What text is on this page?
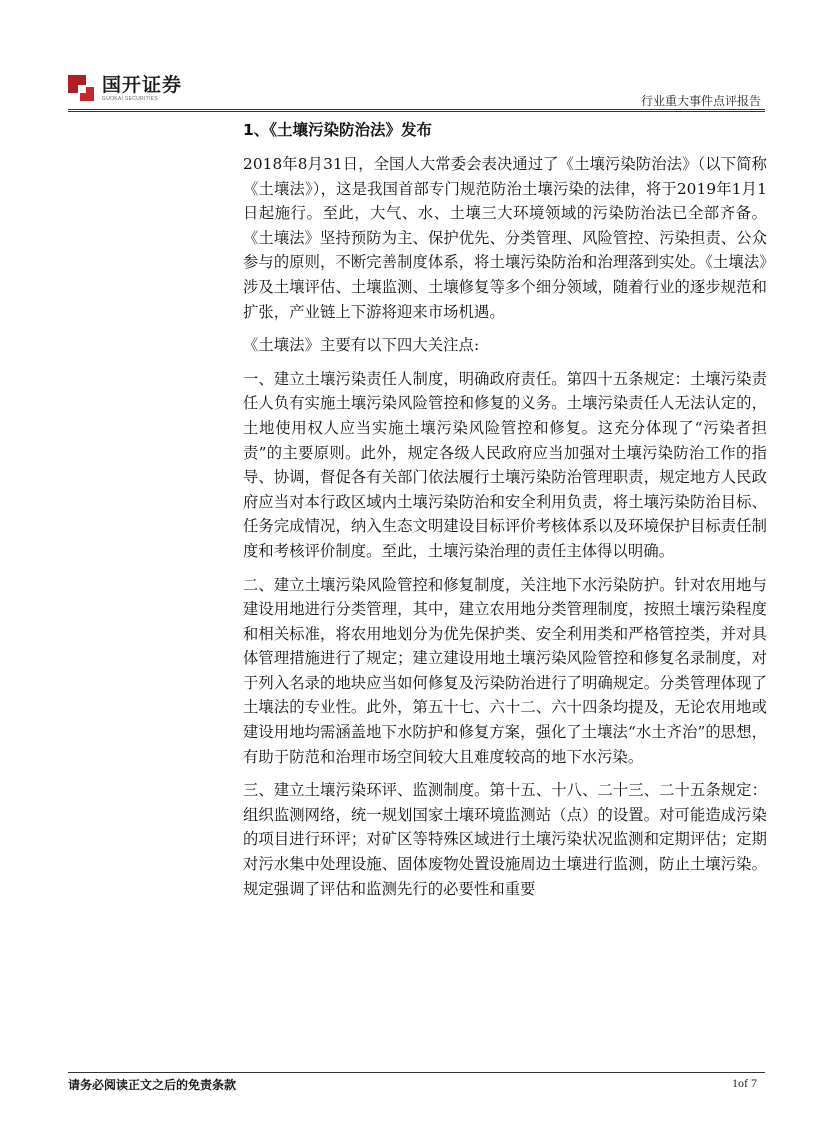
国开证券
GUOKAI SECURITIES	行业重大事件点评报告
1、《土壤污染防治法》发布

2018年8月31日，全国人大常委会表决通过了《土壤污染防治法》（以下简称《土壤法》），这是我国首部专门规范防治土壤污染的法律，将于2019年1月1日起施行。至此，大气、水、土壤三大环境领域的污染防治法已全部齐备。《土壤法》坚持预防为主、保护优先、分类管理、风险管控、污染担责、公众参与的原则，不断完善制度体系，将土壤污染防治和治理落到实处。《土壤法》涉及土壤评估、土壤监测、土壤修复等多个细分领域，随着行业的逐步规范和扩张，产业链上下游将迎来市场机遇。

《土壤法》主要有以下四大关注点:

一、建立土壤污染责任人制度，明确政府责任。第四十五条规定：土壤污染责任人负有实施土壤污染风险管控和修复的义务。土壤污染责任人无法认定的，土地使用权人应当实施土壤污染风险管控和修复。这充分体现了“污染者担责”的主要原则。此外，规定各级人民政府应当加强对土壤污染防治工作的指导、协调，督促各有关部门依法履行土壤污染防治管理职责，规定地方人民政府应当对本行政区域内土壤污染防治和安全利用负责，将土壤污染防治目标、任务完成情况，纳入生态文明建设目标评价考核体系以及环境保护目标责任制度和考核评价制度。至此，土壤污染治理的责任主体得以明确。

二、建立土壤污染风险管控和修复制度，关注地下水污染防护。针对农用地与建设用地进行分类管理，其中，建立农用地分类管理制度，按照土壤污染程度和相关标准，将农用地划分为优先保护类、安全利用类和严格管控类，并对具体管理措施进行了规定；建立建设用地土壤污染风险管控和修复名录制度，对于列入名录的地块应当如何修复及污染防治进行了明确规定。分类管理体现了土壤法的专业性。此外，第五十七、六十二、六十四条均提及，无论农用地或建设用地均需涵盖地下水防护和修复方案，强化了土壤法“水土齐治”的思想，有助于防范和治理市场空间较大且难度较高的地下水污染。

三、建立土壤污染环评、监测制度。第十五、十八、二十三、二十五条规定：组织监测网络，统一规划国家土壤环境监测站（点）的设置。对可能造成污染的项目进行环评；对矿区等特殊区域进行土壤污染状况监测和定期评估；定期对污水集中处理设施、固体废物处置设施周边土壤进行监测，防止土壤污染。规定强调了评估和监测先行的必要性和重要

请务必阅读正文之后的免责条款	1of 7
